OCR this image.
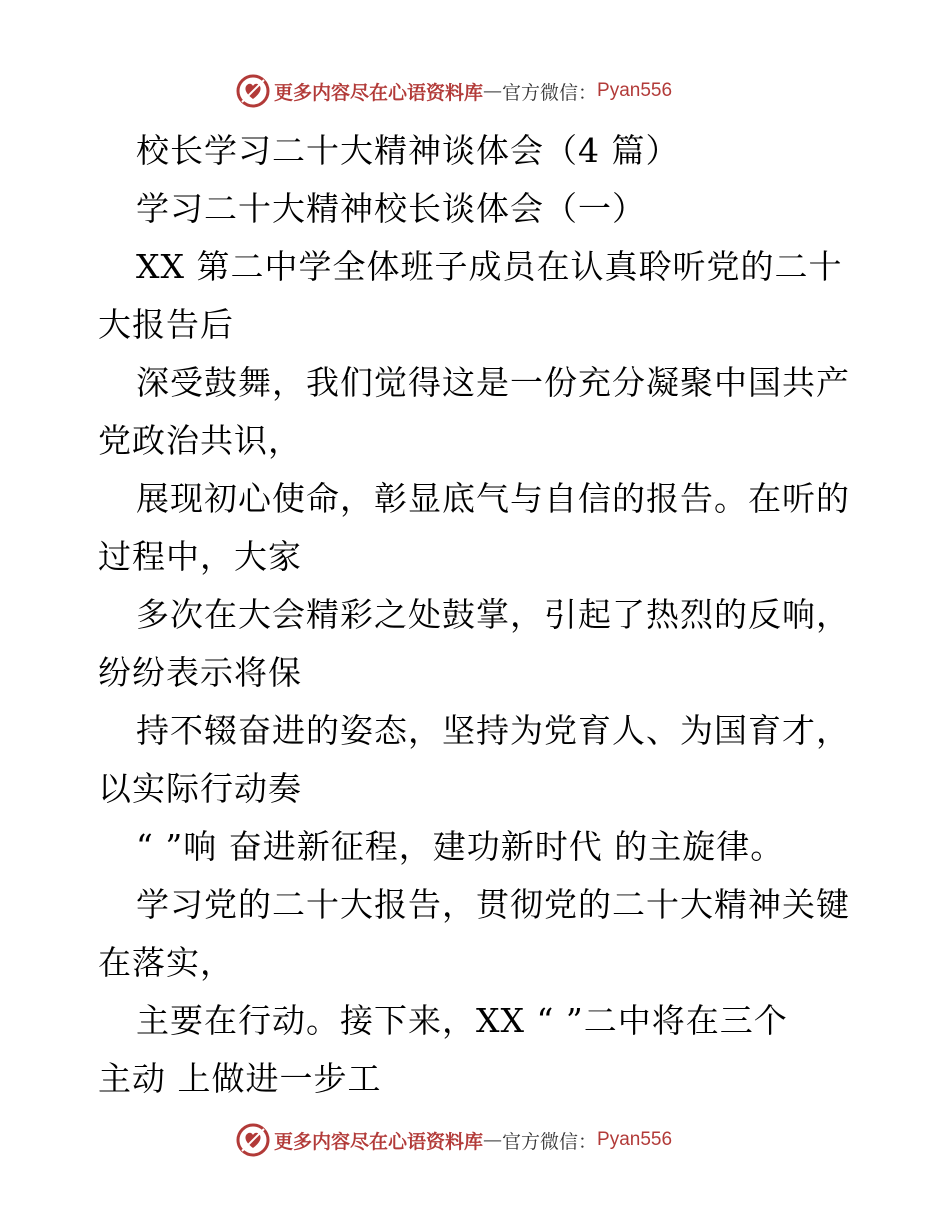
更多内容尽在心语资料库 — 官方微信： Pyan556
校长学习二十大精神谈体会（4 篇）
学习二十大精神校长谈体会（一）
XX 第二中学全体班子成员在认真聆听党的二十
大报告后
深受鼓舞，我们觉得这是一份充分凝聚中国共产
党政治共识，
展现初心使命，彰显底气与自信的报告。在听的
过程中，大家
多次在大会精彩之处鼓掌，引起了热烈的反响，
纷纷表示将保
持不辍奋进的姿态，坚持为党育人、为国育才，
以实际行动奏
“ ”响 奋进新征程，建功新时代 的主旋律。
学习党的二十大报告，贯彻党的二十大精神关键
在落实，
主要在行动。接下来，XX “ ”二中将在三个
主动 上做进一步工
更多内容尽在心语资料库 — 官方微信： Pyan556
